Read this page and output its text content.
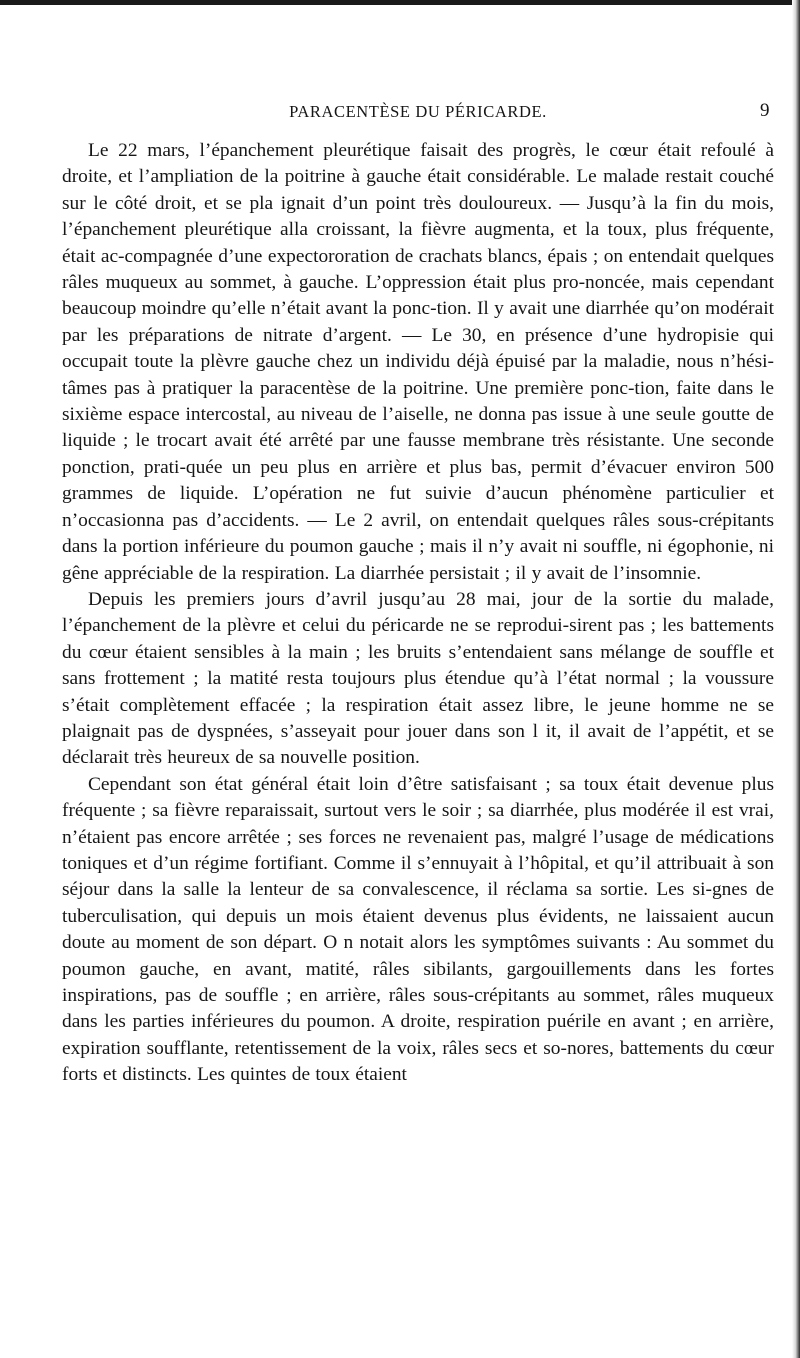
PARACENTÈSE DU PÉRICARDE.	9

Le 22 mars, l’épanchement pleurétique faisait des progrès, le cœur était refoulé à droite, et l’ampliation de la poitrine à gauche était considérable. Le malade restait couché sur le côté droit, et se pla ignait d’un point très douloureux. — Jusqu’à la fin du mois, l’épanchement pleurétique alla croissant, la fièvre augmenta, et la toux, plus fréquente, était ac-compagnée d’une expectororation de crachats blancs, épais ; on entendait quelques râles muqueux au sommet, à gauche. L’oppression était plus pro-noncée, mais cependant beaucoup moindre qu’elle n’était avant la ponc-tion. Il y avait une diarrhée qu’on modérait par les préparations de nitrate d’argent. — Le 30, en présence d’une hydropisie qui occupait toute la plèvre gauche chez un individu déjà épuisé par la maladie, nous n’hési-tâmes pas à pratiquer la paracentèse de la poitrine. Une première ponc-tion, faite dans le sixième espace intercostal, au niveau de l’aiselle, ne donna pas issue à une seule goutte de liquide ; le trocart avait été arrêté par une fausse membrane très résistante. Une seconde ponction, prati-quée un peu plus en arrière et plus bas, permit d’évacuer environ 500 grammes de liquide. L’opération ne fut suivie d’aucun phénomène particulier et n’occasionna pas d’accidents. — Le 2 avril, on entendait quelques râles sous-crépitants dans la portion inférieure du poumon gauche ; mais il n’y avait ni souffle, ni égophonie, ni gêne appréciable de la respiration. La diarrhée persistait ; il y avait de l’insomnie.

Depuis les premiers jours d’avril jusqu’au 28 mai, jour de la sortie du malade, l’épanchement de la plèvre et celui du péricarde ne se reprodui-sirent pas ; les battements du cœur étaient sensibles à la main ; les bruits s’entendaient sans mélange de souffle et sans frottement ; la matité resta toujours plus étendue qu’à l’état normal ; la voussure s’était complètement effacée ; la respiration était assez libre, le jeune homme ne se plaignait pas de dyspnées, s’asseyait pour jouer dans son l it, il avait de l’appétit, et se déclarait très heureux de sa nouvelle position.

Cependant son état général était loin d’être satisfaisant ; sa toux était devenue plus fréquente ; sa fièvre reparaissait, surtout vers le soir ; sa diarrhée, plus modérée il est vrai, n’étaient pas encore arrêtée ; ses forces ne revenaient pas, malgré l’usage de médications toniques et d’un régime fortifiant. Comme il s’ennuyait à l’hôpital, et qu’il attribuait à son séjour dans la salle la lenteur de sa convalescence, il réclama sa sortie. Les si-gnes de tuberculisation, qui depuis un mois étaient devenus plus évidents, ne laissaient aucun doute au moment de son départ. O n notait alors les symptômes suivants : Au sommet du poumon gauche, en avant, matité, râles sibilants, gargouillements dans les fortes inspirations, pas de souffle ; en arrière, râles sous-crépitants au sommet, râles muqueux dans les parties inférieures du poumon. A droite, respiration puérile en avant ; en arrière, expiration soufflante, retentissement de la voix, râles secs et so-nores, battements du cœur forts et distincts. Les quintes de toux étaient
